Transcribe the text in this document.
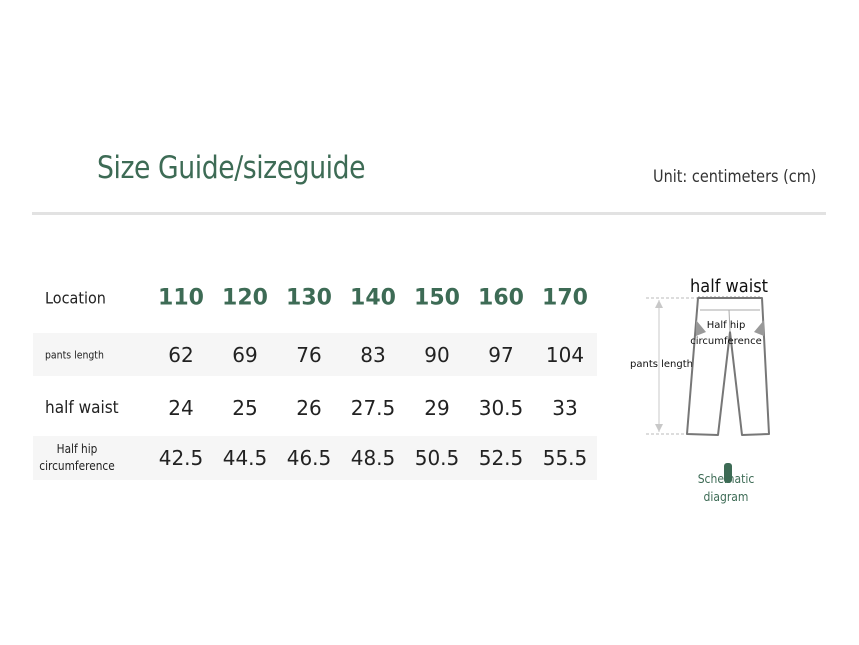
Size Guide/sizeguide	Unit: centimeters (cm)
Location	110 120 130 140 150 160 170
pants length	62	69	76	83	90	97	104
half waist	24	25	26	27.5	29	30.5	33
Half hip circumference	42.5 44.5 46.5 48.5 50.5 52.5 55.5
half waist
Half hip circumference
pants length
Schematic diagram
